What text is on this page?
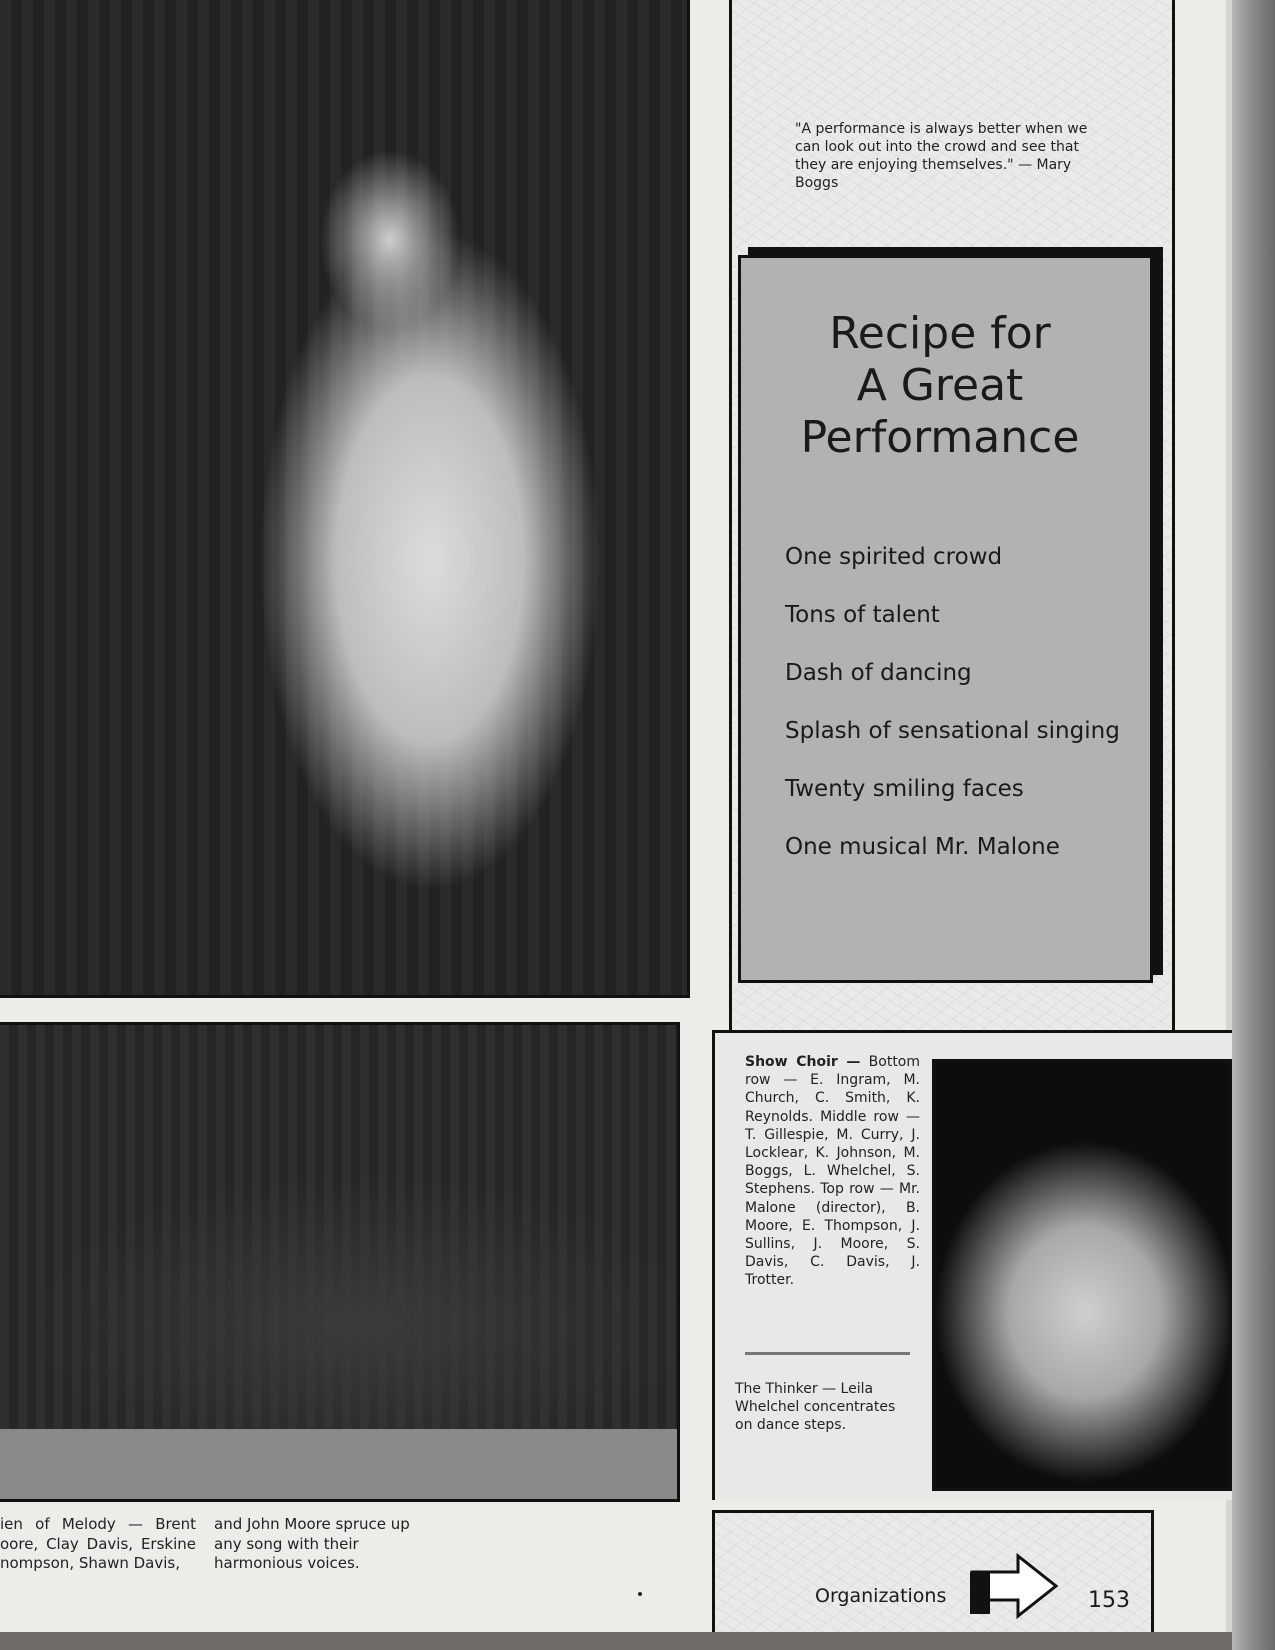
"A performance is always better when we can look out into the crowd and see that they are enjoying themselves." — Mary Boggs
Recipe for
A Great
Performance
One spirited crowd
Tons of talent
Dash of dancing
Splash of sensational singing
Twenty smiling faces
One musical Mr. Malone
Show Choir — Bottom row — E. Ingram, M. Church, C. Smith, K. Reynolds. Middle row — T. Gillespie, M. Curry, J. Locklear, K. Johnson, M. Boggs, L. Whelchel, S. Stephens. Top row — Mr. Malone (director), B. Moore, E. Thompson, J. Sullins, J. Moore, S. Davis, C. Davis, J. Trotter.
The Thinker — Leila Whelchel concentrates on dance steps.
ien of Melody — Brent oore, Clay Davis, Erskine nompson, Shawn Davis,
and John Moore spruce up any song with their harmonious voices.
Organizations	153
